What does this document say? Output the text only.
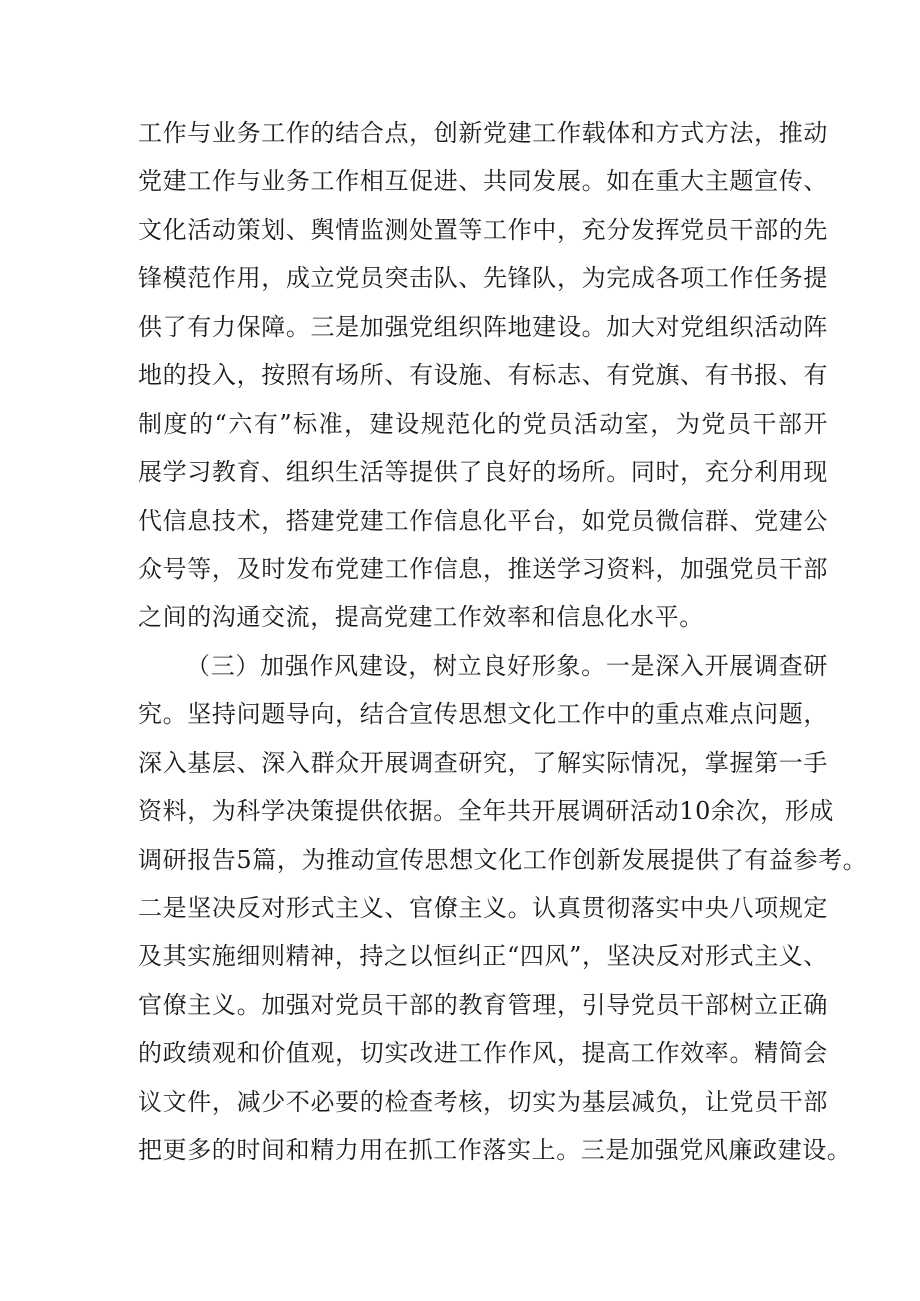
工作与业务工作的结合点，创新党建工作载体和方式方法，推动
党建工作与业务工作相互促进、共同发展。如在重大主题宣传、
文化活动策划、舆情监测处置等工作中，充分发挥党员干部的先
锋模范作用，成立党员突击队、先锋队，为完成各项工作任务提
供了有力保障。三是加强党组织阵地建设。加大对党组织活动阵
地的投入，按照有场所、有设施、有标志、有党旗、有书报、有
制度的“六有”标准，建设规范化的党员活动室，为党员干部开
展学习教育、组织生活等提供了良好的场所。同时，充分利用现
代信息技术，搭建党建工作信息化平台，如党员微信群、党建公
众号等，及时发布党建工作信息，推送学习资料，加强党员干部
之间的沟通交流，提高党建工作效率和信息化水平。
（三）加强作风建设，树立良好形象。一是深入开展调查研
究。坚持问题导向，结合宣传思想文化工作中的重点难点问题，
深入基层、深入群众开展调查研究，了解实际情况，掌握第一手
资料，为科学决策提供依据。全年共开展调研活动10余次，形成
调研报告5篇，为推动宣传思想文化工作创新发展提供了有益参考。
二是坚决反对形式主义、官僚主义。认真贯彻落实中央八项规定
及其实施细则精神，持之以恒纠正“四风”，坚决反对形式主义、
官僚主义。加强对党员干部的教育管理，引导党员干部树立正确
的政绩观和价值观，切实改进工作作风，提高工作效率。精简会
议文件，减少不必要的检查考核，切实为基层减负，让党员干部
把更多的时间和精力用在抓工作落实上。三是加强党风廉政建设。
